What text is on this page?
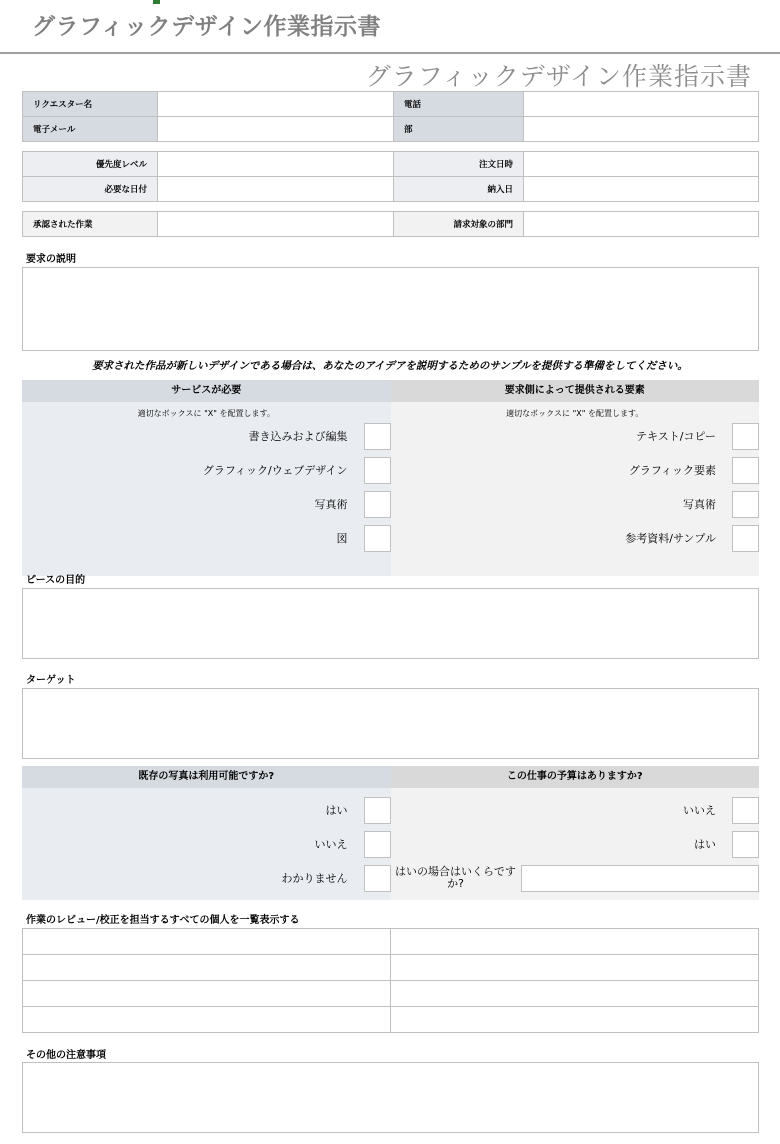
グラフィックデザイン作業指示書
グラフィックデザイン作業指示書
リクエスター名		電話	
電子メール		部	
優先度レベル		注文日時	
必要な日付		納入日	
承認された作業		請求対象の部門	
要求の説明
要求された作品が新しいデザインである場合は、あなたのアイデアを説明するためのサンプルを提供する準備をしてください。
サービスが必要
適切なボックスに "X" を配置します。
書き込みおよび編集
グラフィック/ウェブデザイン
写真術
図
要求側によって提供される要素
適切なボックスに "X" を配置します。
テキスト/コピー
グラフィック要素
写真術
参考資料/サンプル
ピースの目的
ターゲット
既存の写真は利用可能ですか?
はい
いいえ
わかりません
この仕事の予算はありますか?
いいえ
はい
はいの場合はいくらですか?
作業のレビュー/校正を担当するすべての個人を一覧表示する

その他の注意事項
